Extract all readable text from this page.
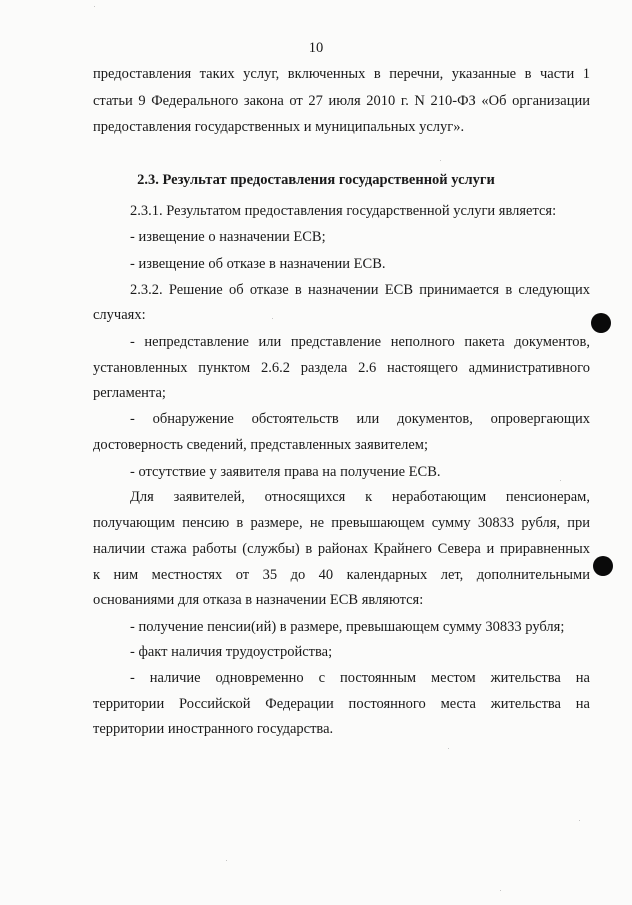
10
предоставления таких услуг, включенных в перечни, указанные в части 1
статьи 9 Федерального закона от 27 июля 2010 г. N 210-ФЗ «Об организации
предоставления государственных и муниципальных услуг».
2.3. Результат предоставления государственной услуги
2.3.1. Результатом предоставления государственной услуги является:
- извещение о назначении ЕСВ;
- извещение об отказе в назначении ЕСВ.
2.3.2. Решение об отказе в назначении ЕСВ принимается в следующих
случаях:
- непредставление или представление неполного пакета документов,
установленных пунктом 2.6.2 раздела 2.6 настоящего административного
регламента;
- обнаружение обстоятельств или документов, опровергающих
достоверность сведений, представленных заявителем;
- отсутствие у заявителя права на получение ЕСВ.
Для заявителей, относящихся к неработающим пенсионерам,
получающим пенсию в размере, не превышающем сумму 30833 рубля, при
наличии стажа работы (службы) в районах Крайнего Севера и приравненных
к ним местностях от 35 до 40 календарных лет, дополнительными
основаниями для отказа в назначении ЕСВ являются:
- получение пенсии(ий) в размере, превышающем сумму 30833 рубля;
- факт наличия трудоустройства;
- наличие одновременно с постоянным местом жительства на
территории Российской Федерации постоянного места жительства на
территории иностранного государства.
